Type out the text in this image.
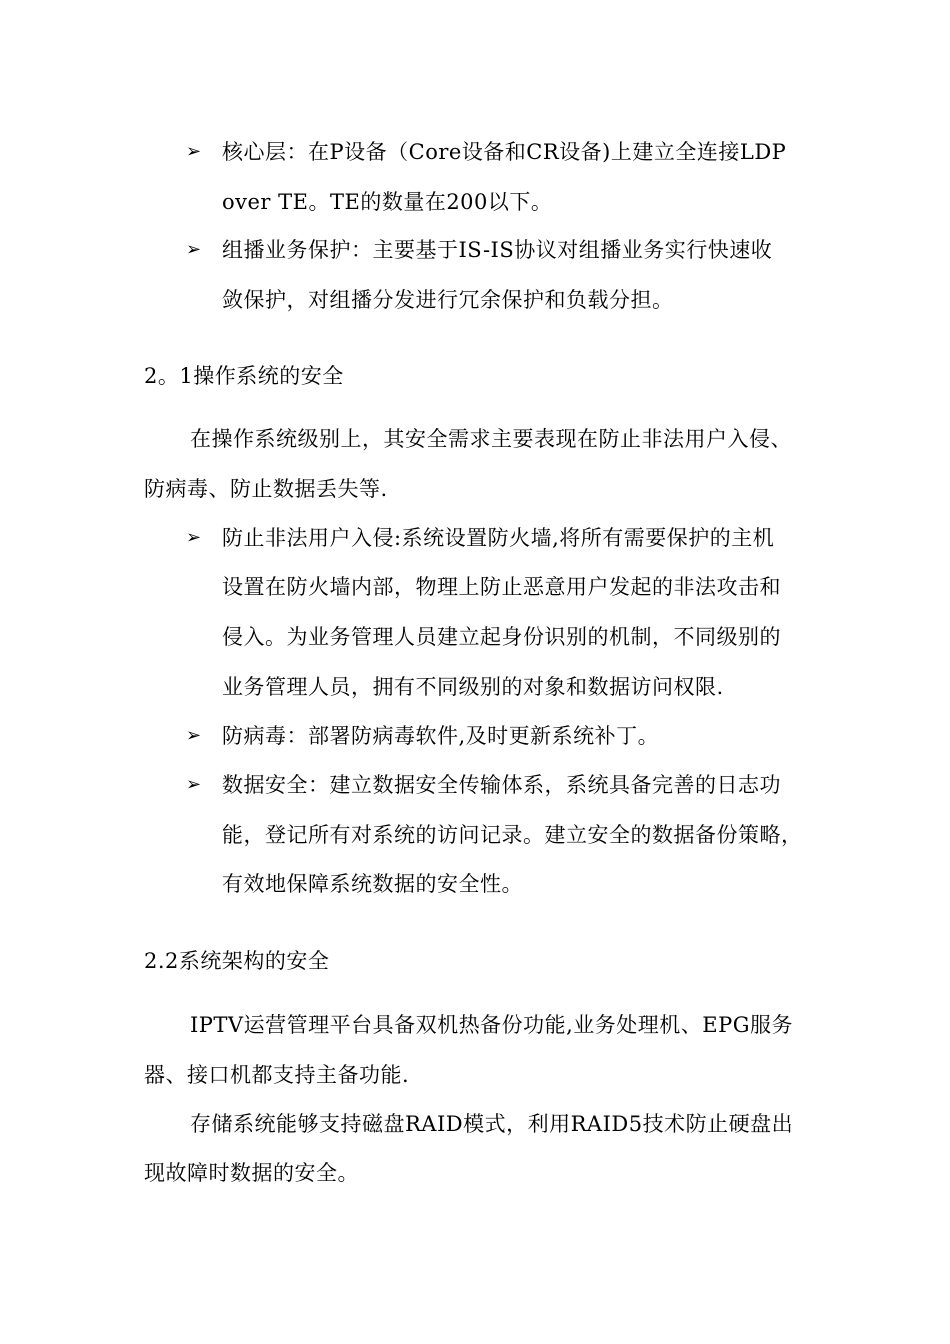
➢ 核心层：在P设备（Core设备和CR设备)上建立全连接LDP
over TE。TE的数量在200以下。
➢ 组播业务保护：主要基于IS-IS协议对组播业务实行快速收
敛保护，对组播分发进行冗余保护和负载分担。
2。1操作系统的安全
在操作系统级别上，其安全需求主要表现在防止非法用户入侵、
防病毒、防止数据丢失等.
➢ 防止非法用户入侵:系统设置防火墙,将所有需要保护的主机
设置在防火墙内部，物理上防止恶意用户发起的非法攻击和
侵入。为业务管理人员建立起身份识别的机制，不同级别的
业务管理人员，拥有不同级别的对象和数据访问权限.
➢ 防病毒：部署防病毒软件,及时更新系统补丁。
➢ 数据安全：建立数据安全传输体系，系统具备完善的日志功
能，登记所有对系统的访问记录。建立安全的数据备份策略，
有效地保障系统数据的安全性。
2.2系统架构的安全
IPTV运营管理平台具备双机热备份功能,业务处理机、EPG服务
器、接口机都支持主备功能.
存储系统能够支持磁盘RAID模式，利用RAID5技术防止硬盘出
现故障时数据的安全。
